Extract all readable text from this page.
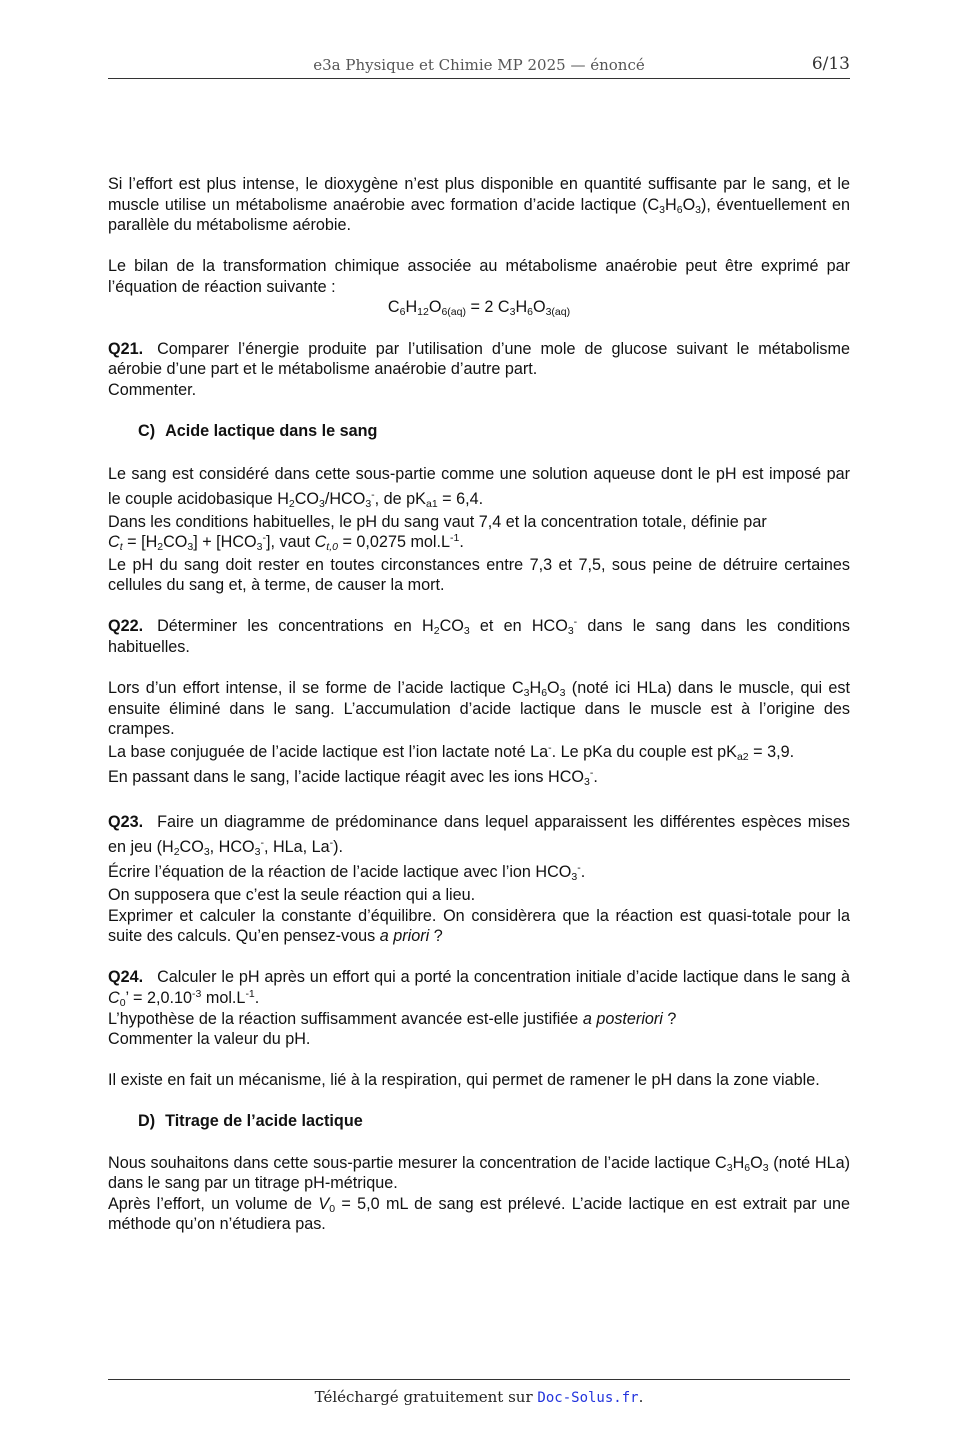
e3a Physique et Chimie MP 2025 — énoncé	6/13

Si l’effort est plus intense, le dioxygène n’est plus disponible en quantité suffisante par le sang, et le muscle utilise un métabolisme anaérobie avec formation d’acide lactique $(C_3H_6O_3)$, éventuellement en parallèle du métabolisme aérobie.

Le bilan de la transformation chimique associée au métabolisme anaérobie peut être exprimé par l’équation de réaction suivante :

$C_6H_{12}O_{6(aq)} = 2$ $C_3H_6O_{3(aq)}$

Q21. Comparer l’énergie produite par l’utilisation d’une mole de glucose suivant le métabolisme aérobie d’une part et le métabolisme anaérobie d’autre part.

Commenter.

C) Acide lactique dans le sang

Le sang est considéré dans cette sous-partie comme une solution aqueuse dont le pH est imposé par le couple acidobasique $H_2CO_3/HCO_3^-$, de $pK_{a1} = 6,4$.

Dans les conditions habituelles, le pH du sang vaut 7,4 et la concentration totale, définie par

$C_t = [H_2CO_3] + [HCO_3^-]$, vaut $C_{t,0} = 0,0275$ $mol.L^{-1}$.

Le pH du sang doit rester en toutes circonstances entre 7,3 et 7,5, sous peine de détruire certaines cellules du sang et, à terme, de causer la mort.

Q22. Déterminer les concentrations en $H_2CO_3$ et en $HCO_3^-$ dans le sang dans les conditions habituelles.

Lors d’un effort intense, il se forme de l’acide lactique $C_3H_6O_3$ (noté ici HLa) dans le muscle, qui est ensuite éliminé dans le sang. L’accumulation d’acide lactique dans le muscle est à l’origine des crampes.

La base conjuguée de l’acide lactique est l’ion lactate noté La-. Le pKa du couple est $pK_{a2} = 3,9$.

En passant dans le sang, l’acide lactique réagit avec les ions $HCO_3^-$.

Q23. Faire un diagramme de prédominance dans lequel apparaissent les différentes espèces mises en jeu ($H_2CO_3$, $HCO_3^-$, HLa, La-).

Écrire l’équation de la réaction de l’acide lactique avec l’ion $HCO_3^-$.

On supposera que c’est la seule réaction qui a lieu.

Exprimer et calculer la constante d’équilibre. On considèrera que la réaction est quasi-totale pour la suite des calculs. Qu’en pensez-vous a priori ?

Q24. Calculer le pH après un effort qui a porté la concentration initiale d’acide lactique dans le sang à $C_0$’ = $2,0.10^{-3}$ $mol.L^{-1}$.

L’hypothèse de la réaction suffisamment avancée est-elle justifiée a posteriori ?

Commenter la valeur du pH.

Il existe en fait un mécanisme, lié à la respiration, qui permet de ramener le pH dans la zone viable.

D) Titrage de l’acide lactique

Nous souhaitons dans cette sous-partie mesurer la concentration de l’acide lactique $C_3H_6O_3$ (noté HLa) dans le sang par un titrage pH-métrique.

Après l’effort, un volume de $V_0 = 5,0$ mL de sang est prélevé. L’acide lactique en est extrait par une méthode qu’on n’étudiera pas.

Téléchargé gratuitement sur Doc-Solus.fr.
